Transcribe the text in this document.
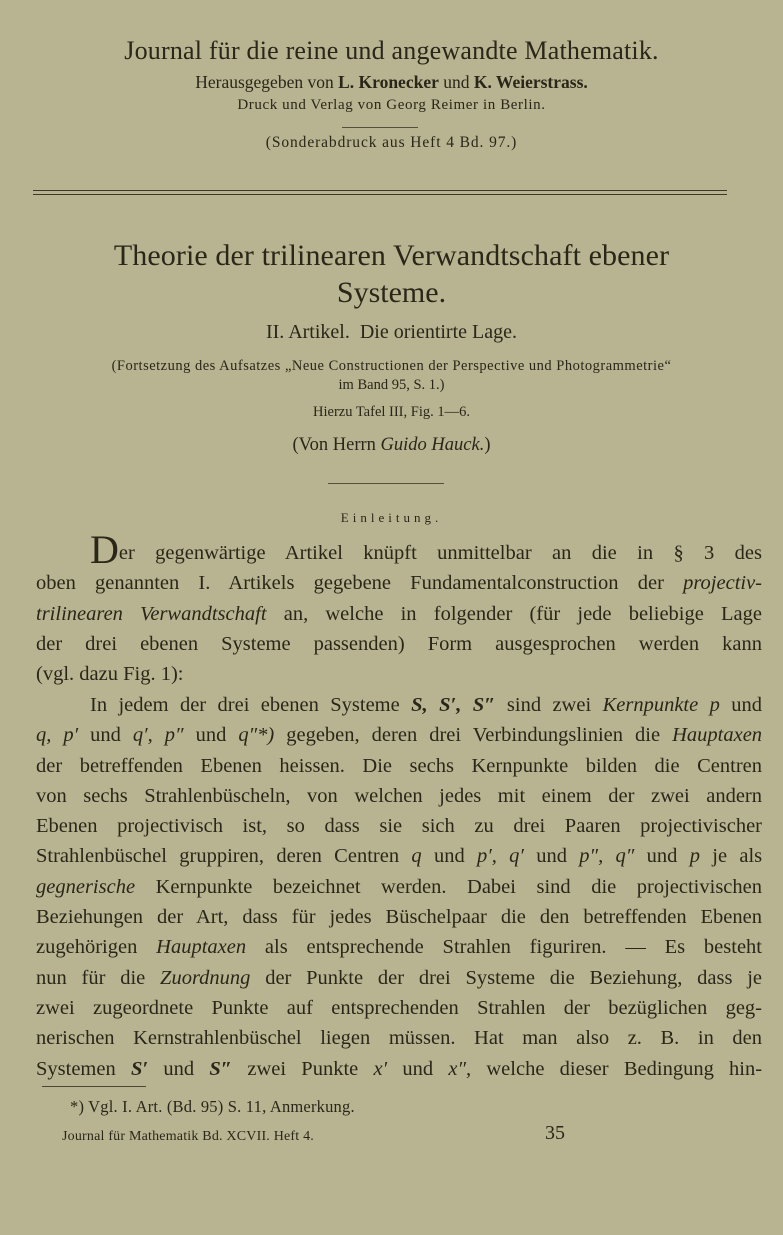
Journal für die reine und angewandte Mathematik.
Herausgegeben von L. Kronecker und K. Weierstrass.
Druck und Verlag von Georg Reimer in Berlin.
(Sonderabdruck aus Heft 4 Bd. 97.)
Theorie der trilinearen Verwandtschaft ebener
Systeme.
II. Artikel.  Die orientirte Lage.
(Fortsetzung des Aufsatzes „Neue Constructionen der Perspective und Photogrammetrie“
im Band 95, S. 1.)
Hierzu Tafel III, Fig. 1—6.
(Von Herrn Guido Hauck.)
Einleitung.
Der gegenwärtige Artikel knüpft unmittelbar an die in § 3 des
oben genannten I. Artikels gegebene Fundamentalconstruction der projectiv-
trilinearen Verwandtschaft an, welche in folgender (für jede beliebige Lage
der drei ebenen Systeme passenden) Form ausgesprochen werden kann
(vgl. dazu Fig. 1):
In jedem der drei ebenen Systeme S, S′, S″ sind zwei Kernpunkte p und
q, p′ und q′, p″ und q″*) gegeben, deren drei Verbindungslinien die Hauptaxen
der betreffenden Ebenen heissen. Die sechs Kernpunkte bilden die Centren
von sechs Strahlenbüscheln, von welchen jedes mit einem der zwei andern
Ebenen projectivisch ist, so dass sie sich zu drei Paaren projectivischer
Strahlenbüschel gruppiren, deren Centren q und p′, q′ und p″, q″ und p je als
gegnerische Kernpunkte bezeichnet werden. Dabei sind die projectivischen
Beziehungen der Art, dass für jedes Büschelpaar die den betreffenden Ebenen
zugehörigen Hauptaxen als entsprechende Strahlen figuriren. — Es besteht
nun für die Zuordnung der Punkte der drei Systeme die Beziehung, dass je
zwei zugeordnete Punkte auf entsprechenden Strahlen der bezüglichen geg-
nerischen Kernstrahlenbüschel liegen müssen. Hat man also z. B. in den
Systemen S′ und S″ zwei Punkte x′ und x″, welche dieser Bedingung hin-
*) Vgl. I. Art. (Bd. 95) S. 11, Anmerkung.
Journal für Mathematik Bd. XCVII. Heft 4.	35
